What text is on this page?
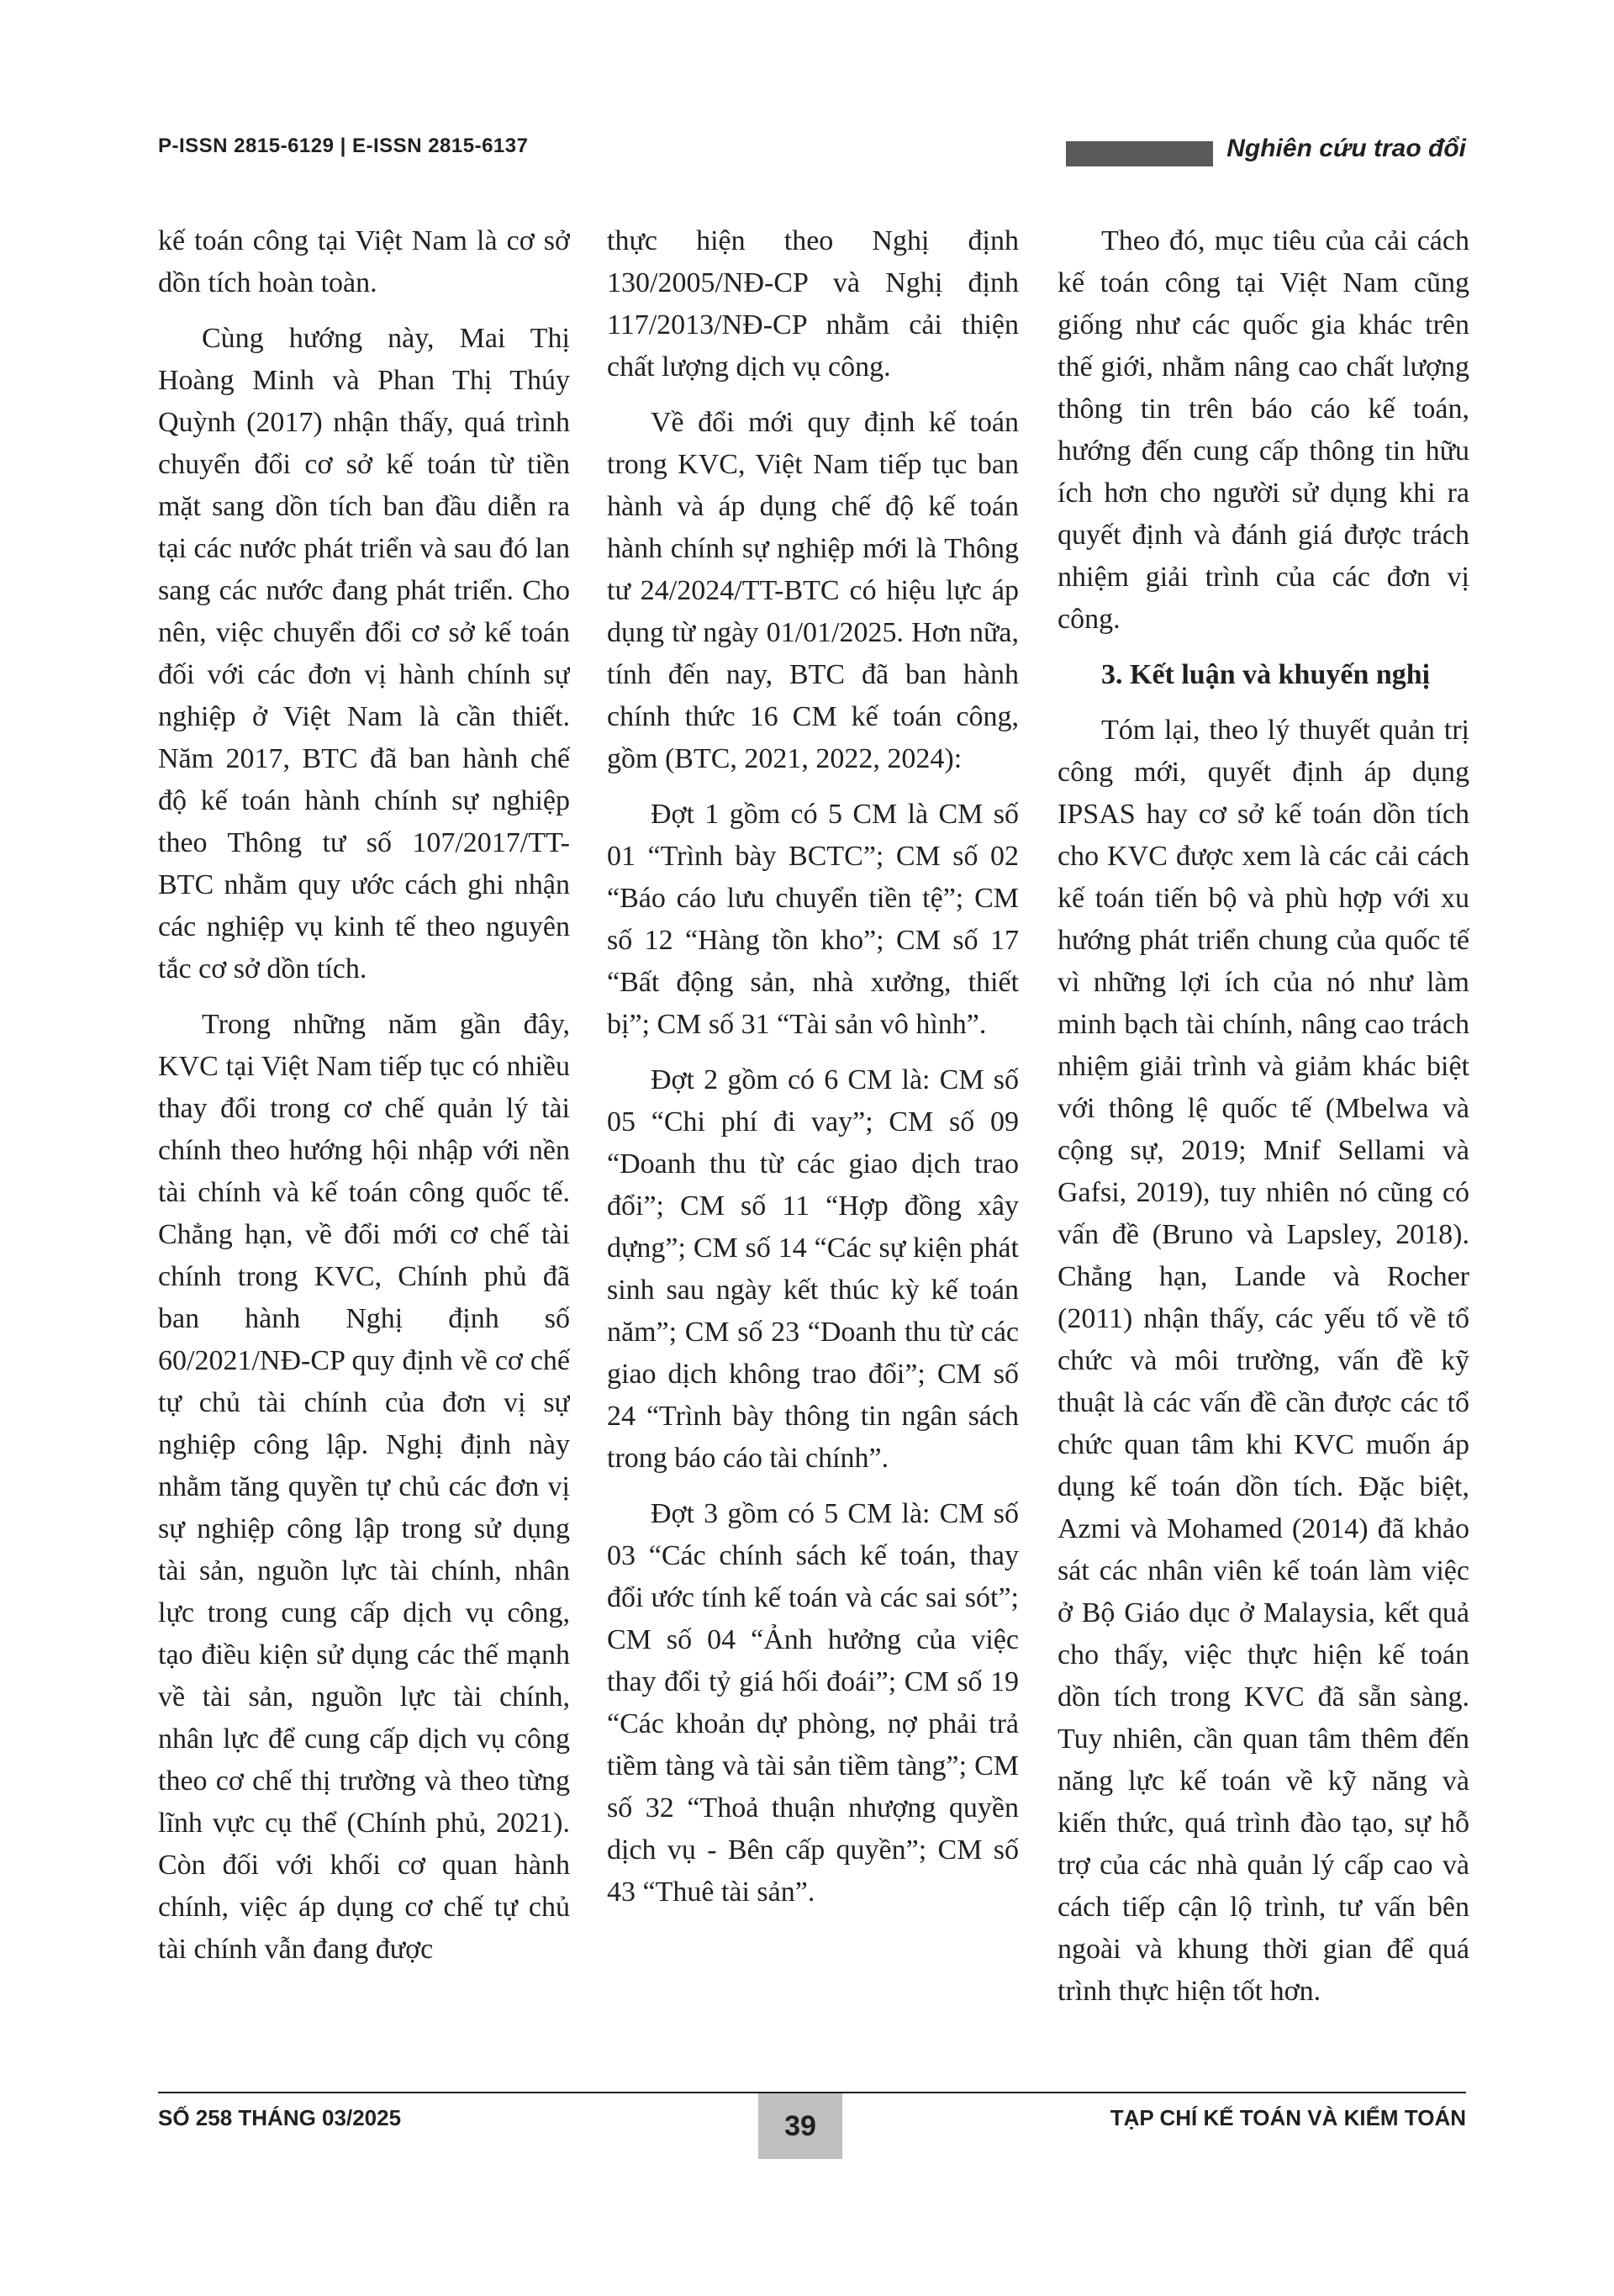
P-ISSN 2815-6129 | E-ISSN 2815-6137	Nghiên cứu trao đổi

kế toán công tại Việt Nam là cơ sở dồn tích hoàn toàn.

Cùng hướng này, Mai Thị Hoàng Minh và Phan Thị Thúy Quỳnh (2017) nhận thấy, quá trình chuyển đổi cơ sở kế toán từ tiền mặt sang dồn tích ban đầu diễn ra tại các nước phát triển và sau đó lan sang các nước đang phát triển. Cho nên, việc chuyển đổi cơ sở kế toán đối với các đơn vị hành chính sự nghiệp ở Việt Nam là cần thiết. Năm 2017, BTC đã ban hành chế độ kế toán hành chính sự nghiệp theo Thông tư số 107/2017/TT-BTC nhằm quy ước cách ghi nhận các nghiệp vụ kinh tế theo nguyên tắc cơ sở dồn tích.

Trong những năm gần đây, KVC tại Việt Nam tiếp tục có nhiều thay đổi trong cơ chế quản lý tài chính theo hướng hội nhập với nền tài chính và kế toán công quốc tế. Chẳng hạn, về đổi mới cơ chế tài chính trong KVC, Chính phủ đã ban hành Nghị định số 60/2021/NĐ-CP quy định về cơ chế tự chủ tài chính của đơn vị sự nghiệp công lập. Nghị định này nhằm tăng quyền tự chủ các đơn vị sự nghiệp công lập trong sử dụng tài sản, nguồn lực tài chính, nhân lực trong cung cấp dịch vụ công, tạo điều kiện sử dụng các thế mạnh về tài sản, nguồn lực tài chính, nhân lực để cung cấp dịch vụ công theo cơ chế thị trường và theo từng lĩnh vực cụ thể (Chính phủ, 2021). Còn đối với khối cơ quan hành chính, việc áp dụng cơ chế tự chủ tài chính vẫn đang được

thực hiện theo Nghị định 130/2005/NĐ-CP và Nghị định 117/2013/NĐ-CP nhằm cải thiện chất lượng dịch vụ công.

Về đổi mới quy định kế toán trong KVC, Việt Nam tiếp tục ban hành và áp dụng chế độ kế toán hành chính sự nghiệp mới là Thông tư 24/2024/TT-BTC có hiệu lực áp dụng từ ngày 01/01/2025. Hơn nữa, tính đến nay, BTC đã ban hành chính thức 16 CM kế toán công, gồm (BTC, 2021, 2022, 2024):

Đợt 1 gồm có 5 CM là CM số 01 “Trình bày BCTC”; CM số 02 “Báo cáo lưu chuyển tiền tệ”; CM số 12 “Hàng tồn kho”; CM số 17 “Bất động sản, nhà xưởng, thiết bị”; CM số 31 “Tài sản vô hình”.

Đợt 2 gồm có 6 CM là: CM số 05 “Chi phí đi vay”; CM số 09 “Doanh thu từ các giao dịch trao đổi”; CM số 11 “Hợp đồng xây dựng”; CM số 14 “Các sự kiện phát sinh sau ngày kết thúc kỳ kế toán năm”; CM số 23 “Doanh thu từ các giao dịch không trao đổi”; CM số 24 “Trình bày thông tin ngân sách trong báo cáo tài chính”.

Đợt 3 gồm có 5 CM là: CM số 03 “Các chính sách kế toán, thay đổi ước tính kế toán và các sai sót”; CM số 04 “Ảnh hưởng của việc thay đổi tỷ giá hối đoái”; CM số 19 “Các khoản dự phòng, nợ phải trả tiềm tàng và tài sản tiềm tàng”; CM số 32 “Thoả thuận nhượng quyền dịch vụ - Bên cấp quyền”; CM số 43 “Thuê tài sản”.

Theo đó, mục tiêu của cải cách kế toán công tại Việt Nam cũng giống như các quốc gia khác trên thế giới, nhằm nâng cao chất lượng thông tin trên báo cáo kế toán, hướng đến cung cấp thông tin hữu ích hơn cho người sử dụng khi ra quyết định và đánh giá được trách nhiệm giải trình của các đơn vị công.

3. Kết luận và khuyến nghị

Tóm lại, theo lý thuyết quản trị công mới, quyết định áp dụng IPSAS hay cơ sở kế toán dồn tích cho KVC được xem là các cải cách kế toán tiến bộ và phù hợp với xu hướng phát triển chung của quốc tế vì những lợi ích của nó như làm minh bạch tài chính, nâng cao trách nhiệm giải trình và giảm khác biệt với thông lệ quốc tế (Mbelwa và cộng sự, 2019; Mnif Sellami và Gafsi, 2019), tuy nhiên nó cũng có vấn đề (Bruno và Lapsley, 2018). Chẳng hạn, Lande và Rocher (2011) nhận thấy, các yếu tố về tổ chức và môi trường, vấn đề kỹ thuật là các vấn đề cần được các tổ chức quan tâm khi KVC muốn áp dụng kế toán dồn tích. Đặc biệt, Azmi và Mohamed (2014) đã khảo sát các nhân viên kế toán làm việc ở Bộ Giáo dục ở Malaysia, kết quả cho thấy, việc thực hiện kế toán dồn tích trong KVC đã sẵn sàng. Tuy nhiên, cần quan tâm thêm đến năng lực kế toán về kỹ năng và kiến thức, quá trình đào tạo, sự hỗ trợ của các nhà quản lý cấp cao và cách tiếp cận lộ trình, tư vấn bên ngoài và khung thời gian để quá trình thực hiện tốt hơn.

SỐ 258 THÁNG 03/2025	39	TẠP CHÍ KẾ TOÁN VÀ KIỂM TOÁN
